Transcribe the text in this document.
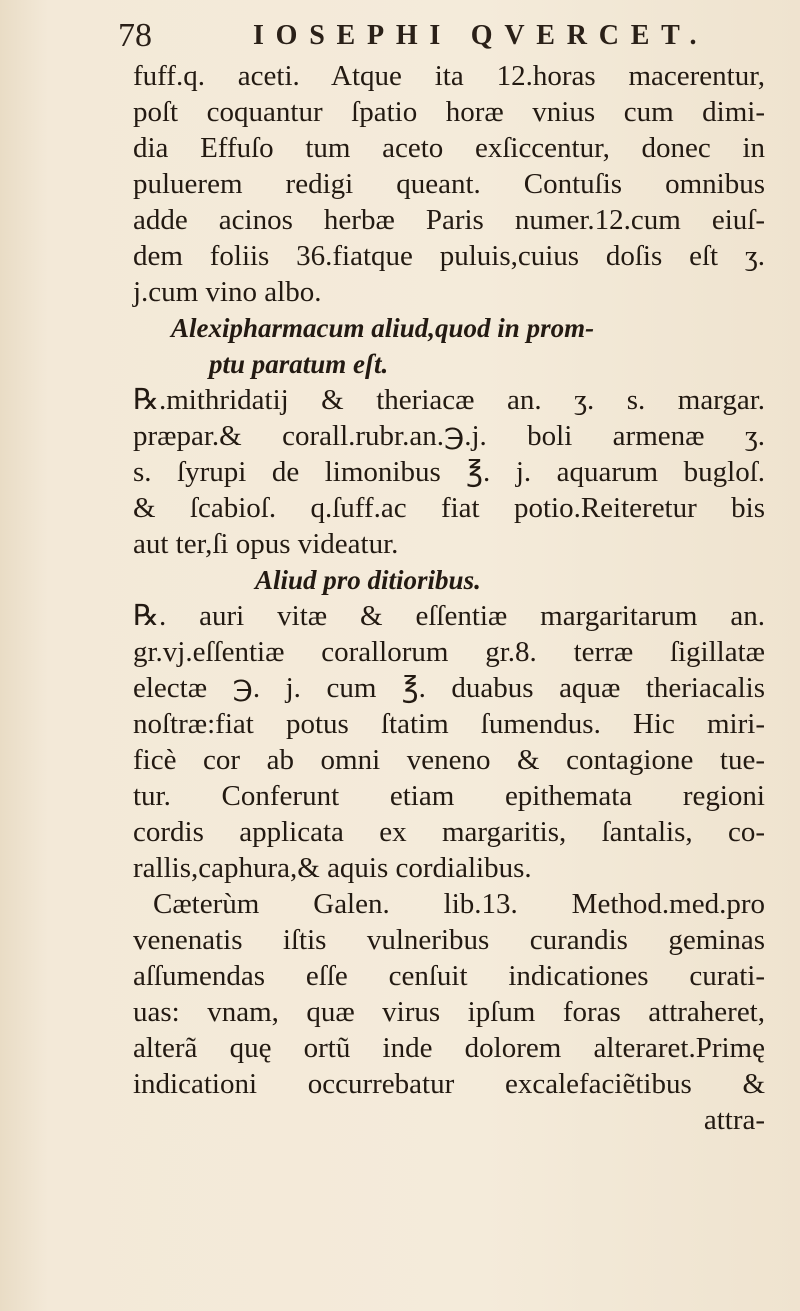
78	IOSEPHI QVERCET.
fuff.q. aceti. Atque ita 12.horas macerentur,
poſt coquantur ſpatio horæ vnius cum dimi-
dia Effuſo tum aceto exſiccentur, donec in
puluerem redigi queant. Contuſis omnibus
adde acinos herbæ Paris numer.12.cum eiuſ-
dem foliis 36.fiatque puluis,cuius doſis eſt ʒ.
j.cum vino albo.
Alexipharmacum aliud,quod in prom-
ptu paratum eſt.
℞.mithridatij & theriacæ an. ʒ. s. margar.
præpar.& corall.rubr.an.℈.j. boli armenæ ʒ.
s. ſyrupi de limonibus ℥. j. aquarum bugloſ.
& ſcabioſ. q.ſuff.ac fiat potio.Reiteretur bis
aut ter,ſi opus videatur.
Aliud pro ditioribus.
℞. auri vitæ & eſſentiæ margaritarum an.
gr.vj.eſſentiæ corallorum gr.8. terræ ſigillatæ
electæ ℈. j. cum ℥. duabus aquæ theriacalis
noſtræ:fiat potus ſtatim ſumendus. Hic miri-
ficè cor ab omni veneno & contagione tue-
tur. Conferunt etiam epithemata regioni
cordis applicata ex margaritis, ſantalis, co-
rallis,caphura,& aquis cordialibus.
Cæterùm Galen. lib.13. Method.med.pro
venenatis iſtis vulneribus curandis geminas
aſſumendas eſſe cenſuit indicationes curati-
uas: vnam, quæ virus ipſum foras attraheret,
alterã quę ortũ inde dolorem alteraret.Primę
indicationi occurrebatur excalefaciẽtibus &
attra-
